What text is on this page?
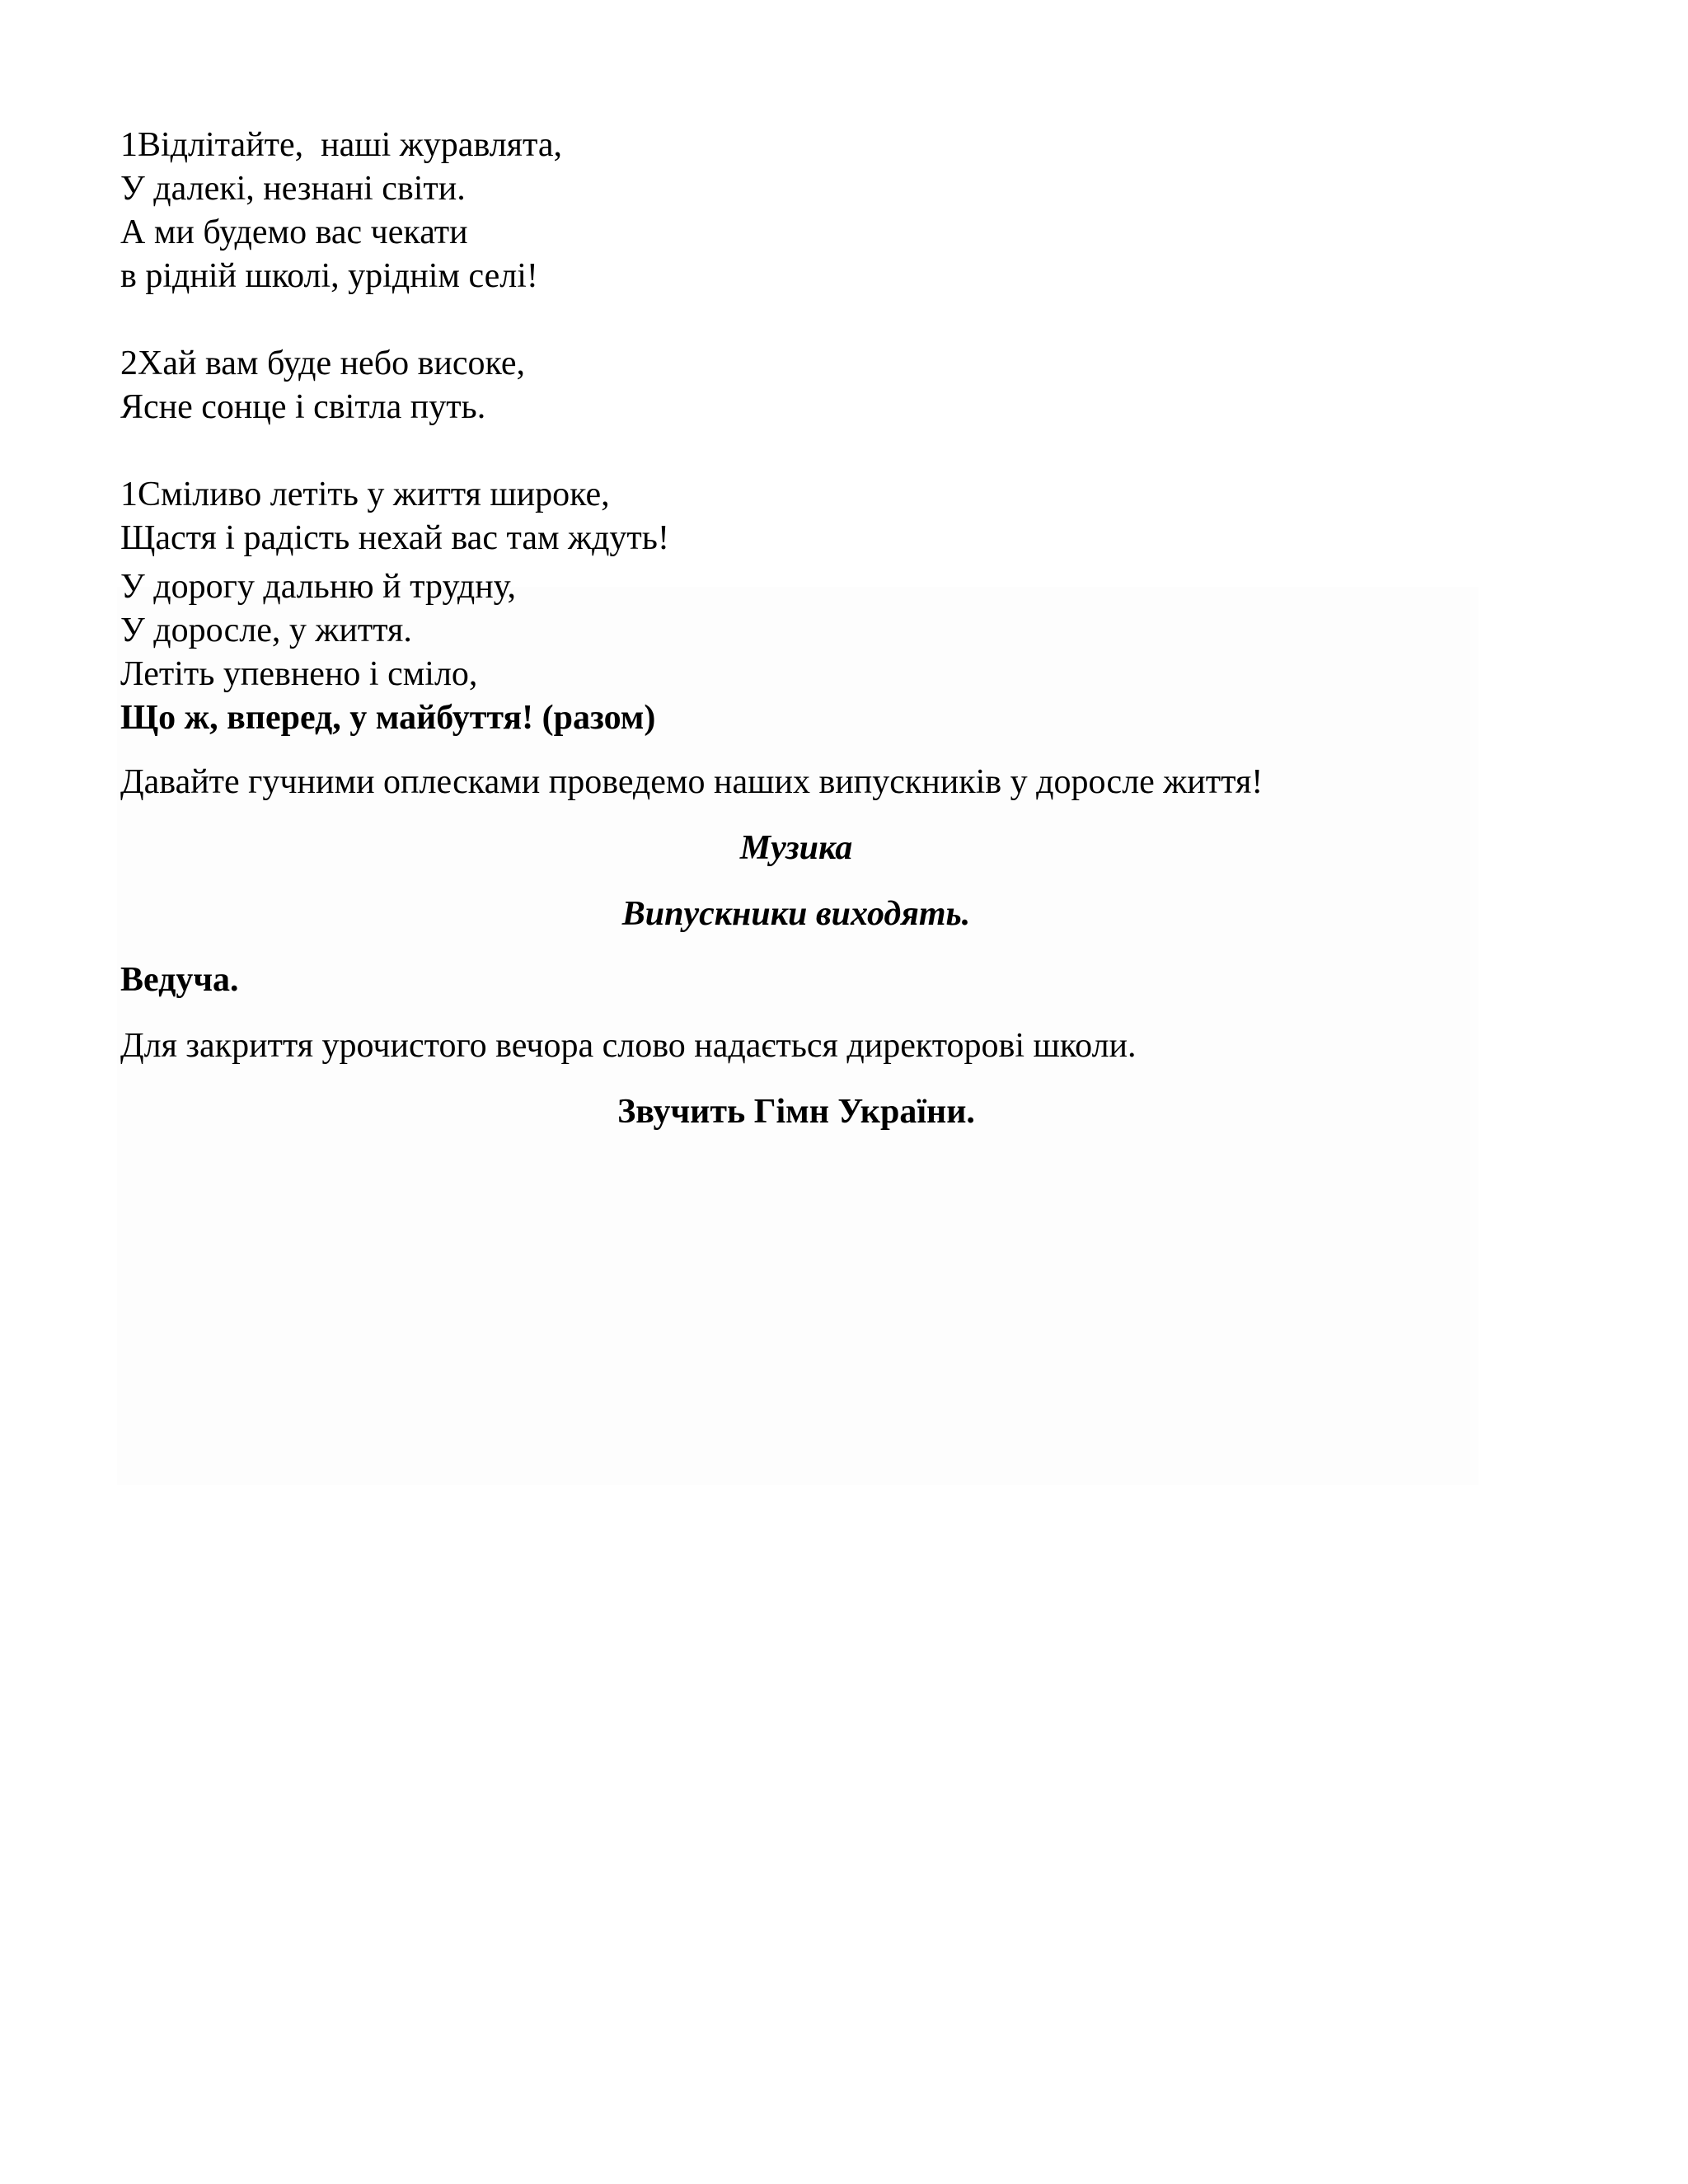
1Відлітайте,  наші журавлята,
У далекі, незнані світи.
А ми будемо вас чекати
в рідній школі, уріднім селі!
2Хай вам буде небо високе,
Ясне сонце і світла путь.
1Сміливо летіть у життя широке,
Щастя і радість нехай вас там ждуть!
У дорогу дальню й трудну,
У доросле, у життя.
Летіть упевнено і сміло,
Що ж, вперед, у майбуття! (разом)

Давайте гучними оплесками проведемо наших випускників у доросле життя!

Музика

Випускники виходять.

Ведуча.

Для закриття урочистого вечора слово надається директорові школи.

Звучить Гімн України.
